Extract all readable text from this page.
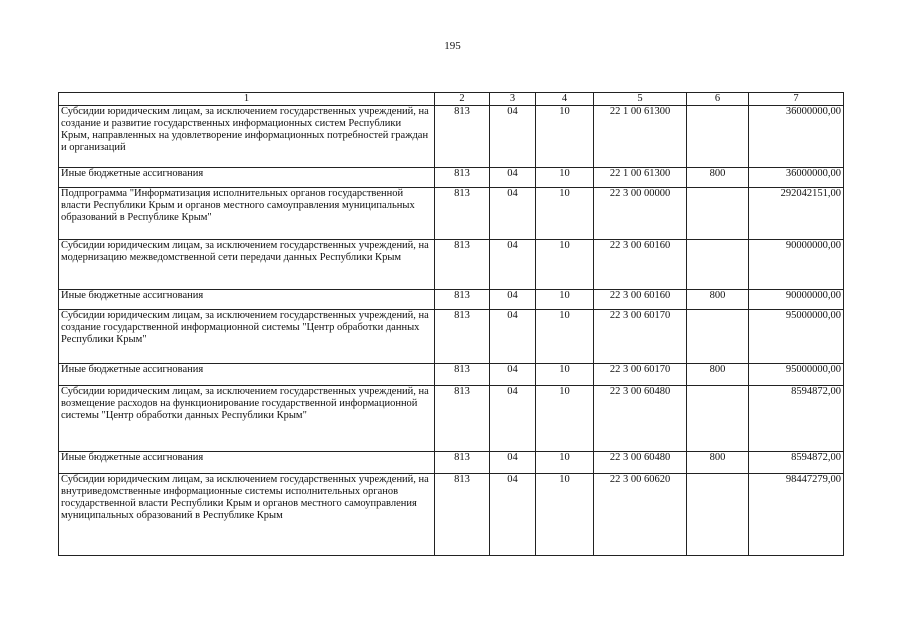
195
1	2	3	4	5	6	7
Субсидии юридическим лицам, за исключением государственных учреждений, на создание и развитие государственных информационных систем Республики Крым, направленных на удовлетворение информационных потребностей граждан и организаций	813	04	10	22 1 00 61300		36000000,00
Иные бюджетные ассигнования	813	04	10	22 1 00 61300	800	36000000,00
Подпрограмма "Информатизация исполнительных органов государственной власти Республики Крым и органов местного самоуправления муниципальных образований в Республике Крым"	813	04	10	22 3 00 00000		292042151,00
Субсидии юридическим лицам, за исключением государственных учреждений, на модернизацию межведомственной сети передачи данных Республики Крым	813	04	10	22 3 00 60160		90000000,00
Иные бюджетные ассигнования	813	04	10	22 3 00 60160	800	90000000,00
Субсидии юридическим лицам, за исключением государственных учреждений, на создание государственной информационной системы "Центр обработки данных Республики Крым"	813	04	10	22 3 00 60170		95000000,00
Иные бюджетные ассигнования	813	04	10	22 3 00 60170	800	95000000,00
Субсидии юридическим лицам, за исключением государственных учреждений, на возмещение расходов на функционирование государственной информационной системы "Центр обработки данных Республики Крым"	813	04	10	22 3 00 60480		8594872,00
Иные бюджетные ассигнования	813	04	10	22 3 00 60480	800	8594872,00
Субсидии юридическим лицам, за исключением государственных учреждений, на внутриведомственные информационные системы исполнительных органов государственной власти Республики Крым и органов местного самоуправления муниципальных образований в Республике Крым	813	04	10	22 3 00 60620		98447279,00
